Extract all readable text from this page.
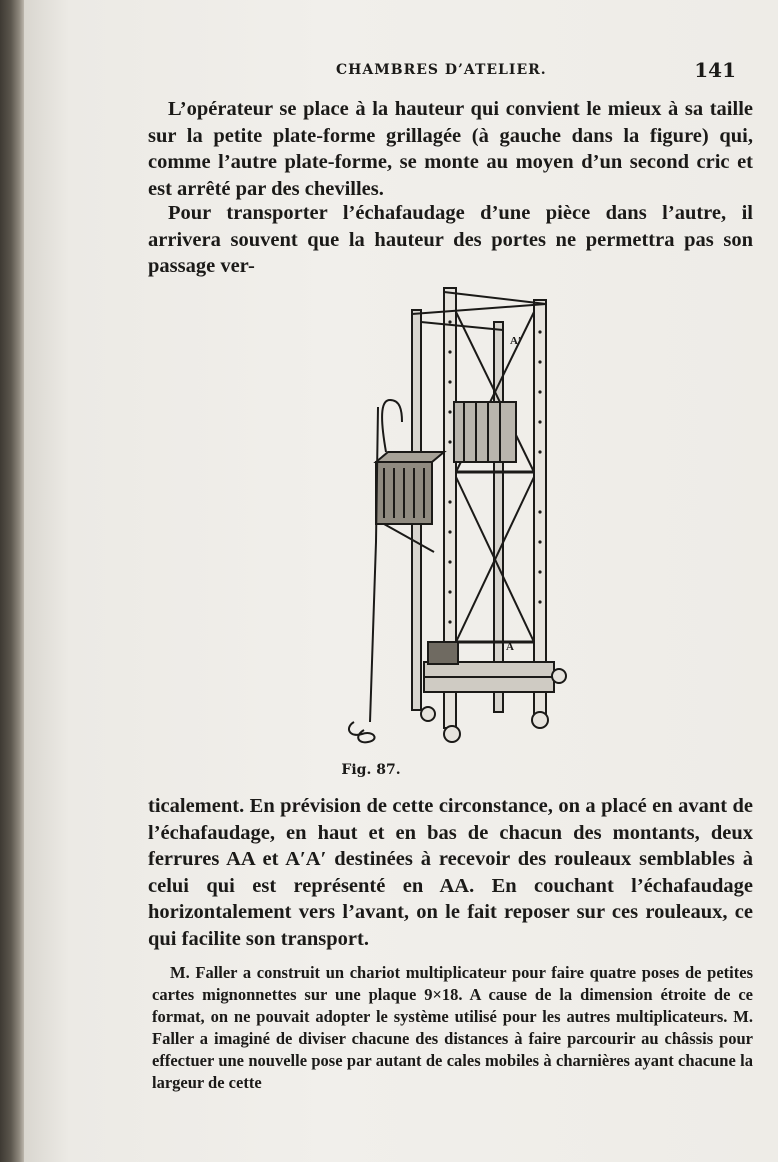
CHAMBRES D’ATELIER.	141

L’opérateur se place à la hauteur qui convient le mieux à sa taille sur la petite plate-forme grillagée (à gauche dans la figure) qui, comme l’autre plate-forme, se monte au moyen d’un second cric et est arrêté par des chevilles.

Pour transporter l’échafaudage d’une pièce dans l’autre, il arrivera souvent que la hauteur des portes ne permettra pas son passage ver-

A′
A
Fig. 87.

ticalement. En prévision de cette circonstance, on a placé en avant de l’échafaudage, en haut et en bas de chacun des montants, deux ferrures AA et A′A′ destinées à recevoir des rouleaux semblables à celui qui est représenté en AA. En couchant l’échafaudage horizontalement vers l’avant, on le fait reposer sur ces rouleaux, ce qui facilite son transport.

M. Faller a construit un chariot multiplicateur pour faire quatre poses de petites cartes mignonnettes sur une plaque 9×18. A cause de la dimension étroite de ce format, on ne pouvait adopter le système utilisé pour les autres multiplicateurs. M. Faller a imaginé de diviser chacune des distances à faire parcourir au châssis pour effectuer une nouvelle pose par autant de cales mobiles à charnières ayant chacune la largeur de cette
